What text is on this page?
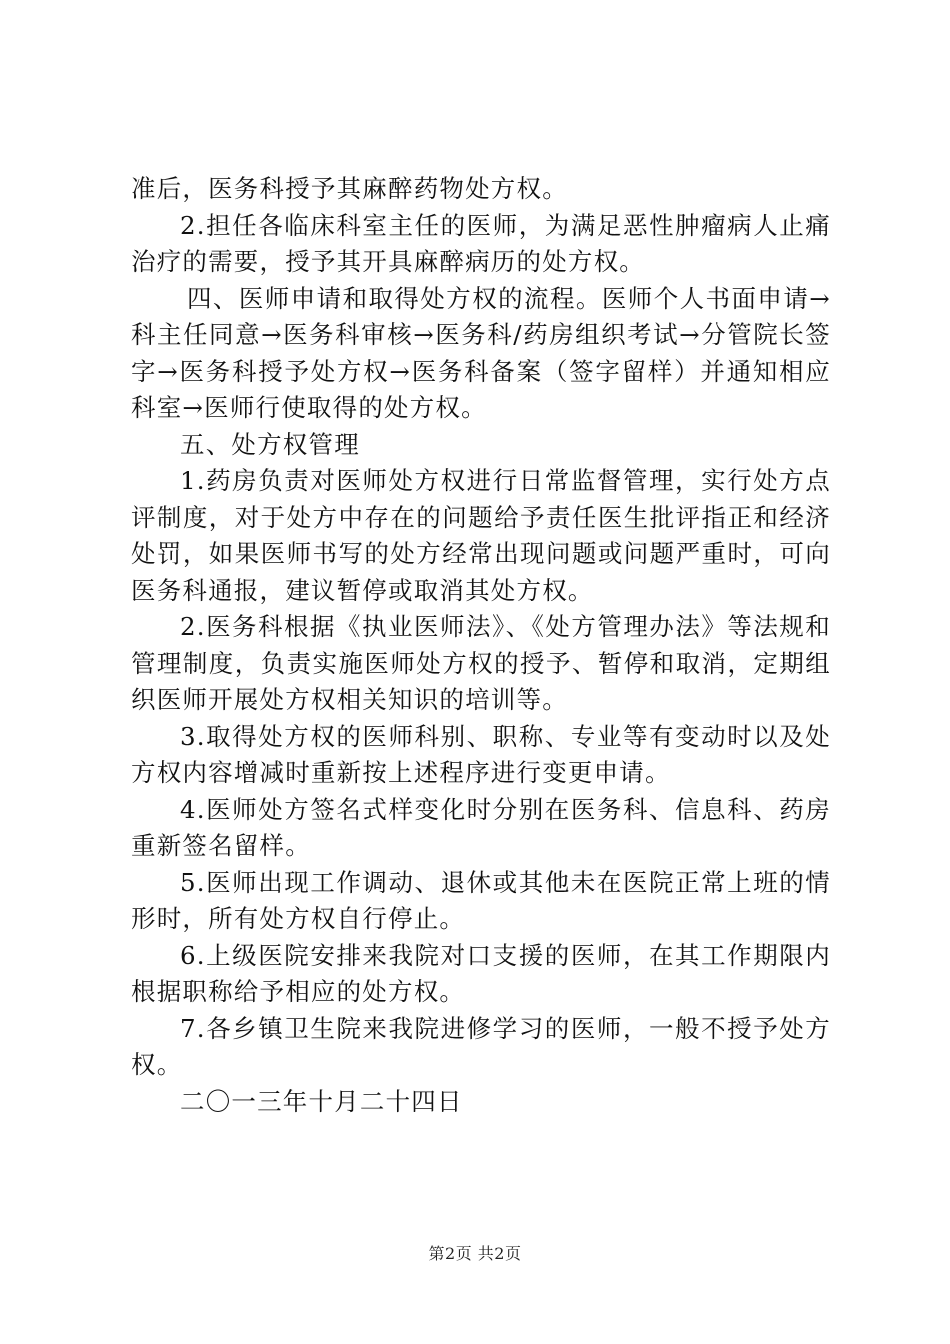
准后，医务科授予其麻醉药物处方权。

2.担任各临床科室主任的医师，为满足恶性肿瘤病人止痛治疗的需要，授予其开具麻醉病历的处方权。

四、医师申请和取得处方权的流程。医师个人书面申请→科主任同意→医务科审核→医务科/药房组织考试→分管院长签字→医务科授予处方权→医务科备案（签字留样）并通知相应科室→医师行使取得的处方权。

五、处方权管理

1.药房负责对医师处方权进行日常监督管理，实行处方点评制度，对于处方中存在的问题给予责任医生批评指正和经济处罚，如果医师书写的处方经常出现问题或问题严重时，可向医务科通报，建议暂停或取消其处方权。

2.医务科根据《执业医师法》、《处方管理办法》等法规和管理制度，负责实施医师处方权的授予、暂停和取消，定期组织医师开展处方权相关知识的培训等。

3.取得处方权的医师科别、职称、专业等有变动时以及处方权内容增减时重新按上述程序进行变更申请。

4.医师处方签名式样变化时分别在医务科、信息科、药房重新签名留样。

5.医师出现工作调动、退休或其他未在医院正常上班的情形时，所有处方权自行停止。

6.上级医院安排来我院对口支援的医师，在其工作期限内根据职称给予相应的处方权。

7.各乡镇卫生院来我院进修学习的医师，一般不授予处方权。

二〇一三年十月二十四日

第2页 共2页
